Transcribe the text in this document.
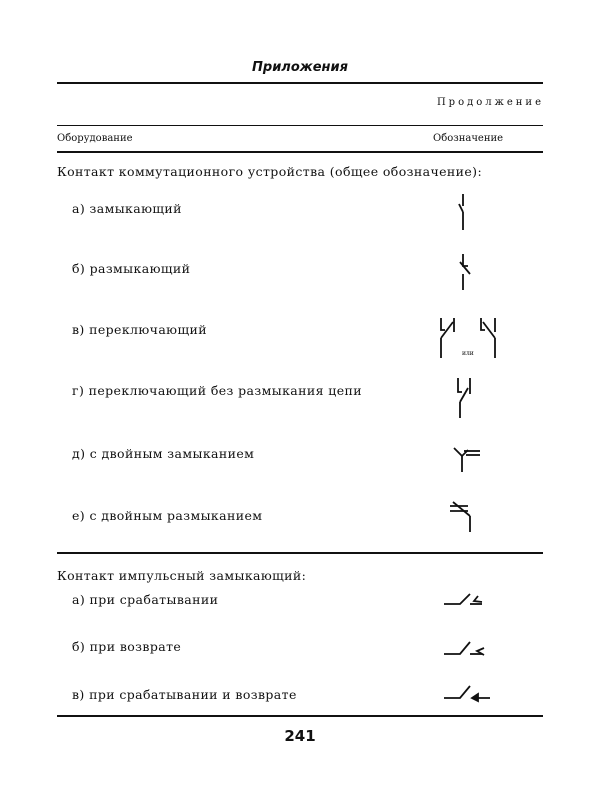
Приложения
Продолжение
Оборудование	Обозначение
Контакт коммутационного устройства (общее обозначение):
а) замыкающий
б) размыкающий
в) переключающий
или
г) переключающий без размыкания цепи
д) с двойным замыканием
е) с двойным размыканием
Контакт импульсный замыкающий:
а) при срабатывании
б) при возврате
в) при срабатывании и возврате
241
